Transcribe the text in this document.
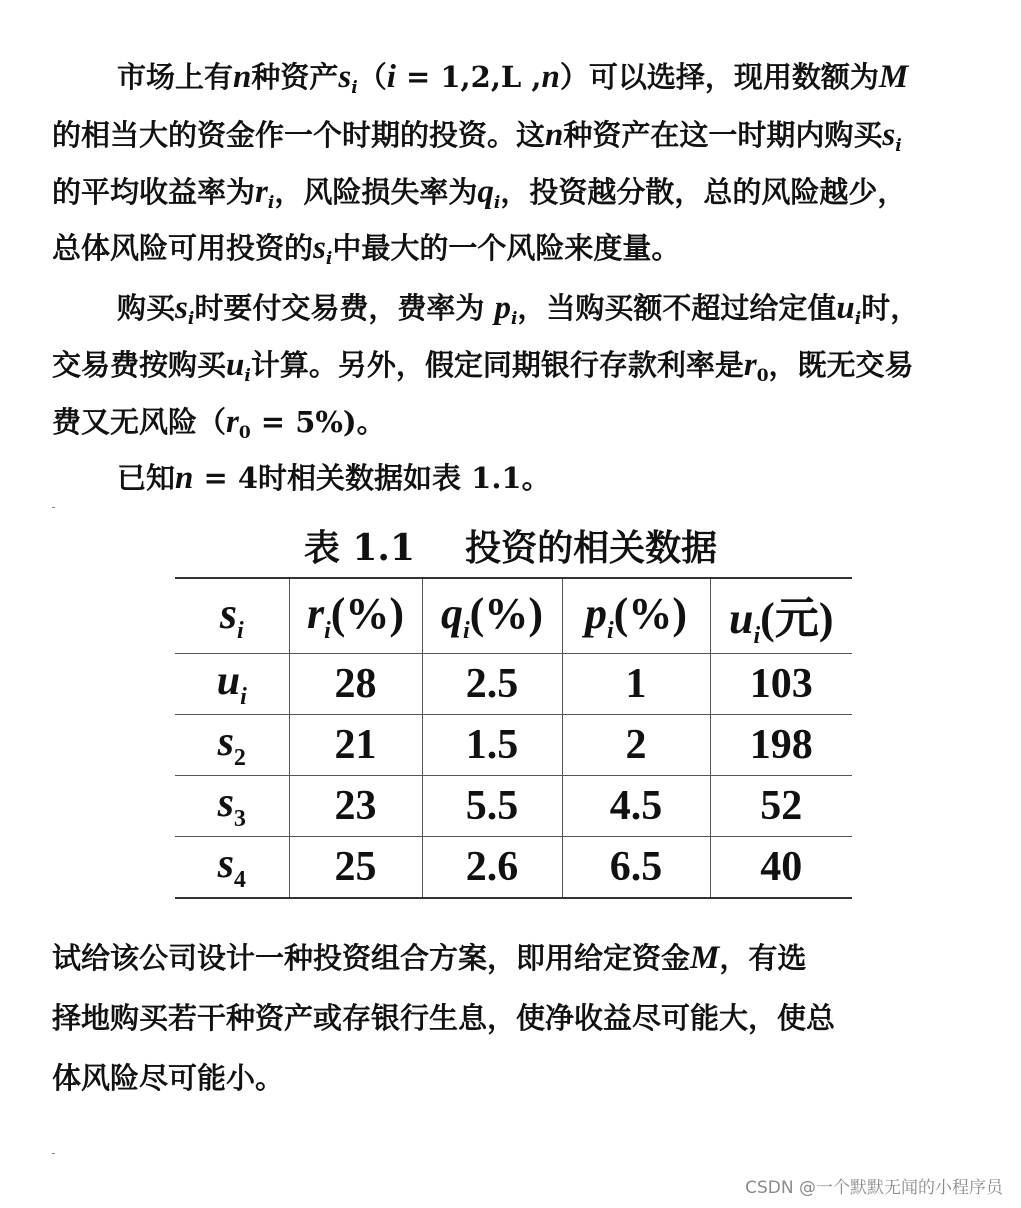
市场上有n种资产$s_i(i = 1,2,L$ ,n）可以选择，现用数额为M
的相当大的资金作一个时期的投资。这n种资产在这一时期内购买$s_i$
的平均收益率为$r_i$，风险损失率为$q_i$，投资越分散，总的风险越少，
总体风险可用投资的$s_i$中最大的一个风险来度量。
购买$s_i$时要付交易费，费率为 $p_i$，当购买额不超过给定值$u_i$时，
交易费按购买$u_i$计算。另外，假定同期银行存款利率是$r_0$，既无交易
费又无风险$(r_0 = 5\%)$。
已知n = 4时相关数据如表 1.1。
表 1.1    投资的相关数据
$s_i$	$r_i(\%)$	$q_i(\%)$	$p_i(\%)$	$u_i$(元)
$u_i$	28	2.5	1	103
$s_2$	21	1.5	2	198
$s_3$	23	5.5	4.5	52
$s_4$	25	2.6	6.5	40
试给该公司设计一种投资组合方案，即用给定资金M，有选
择地购买若干种资产或存银行生息，使净收益尽可能大，使总
体风险尽可能小。
CSDN @一个默默无闻的小程序员
